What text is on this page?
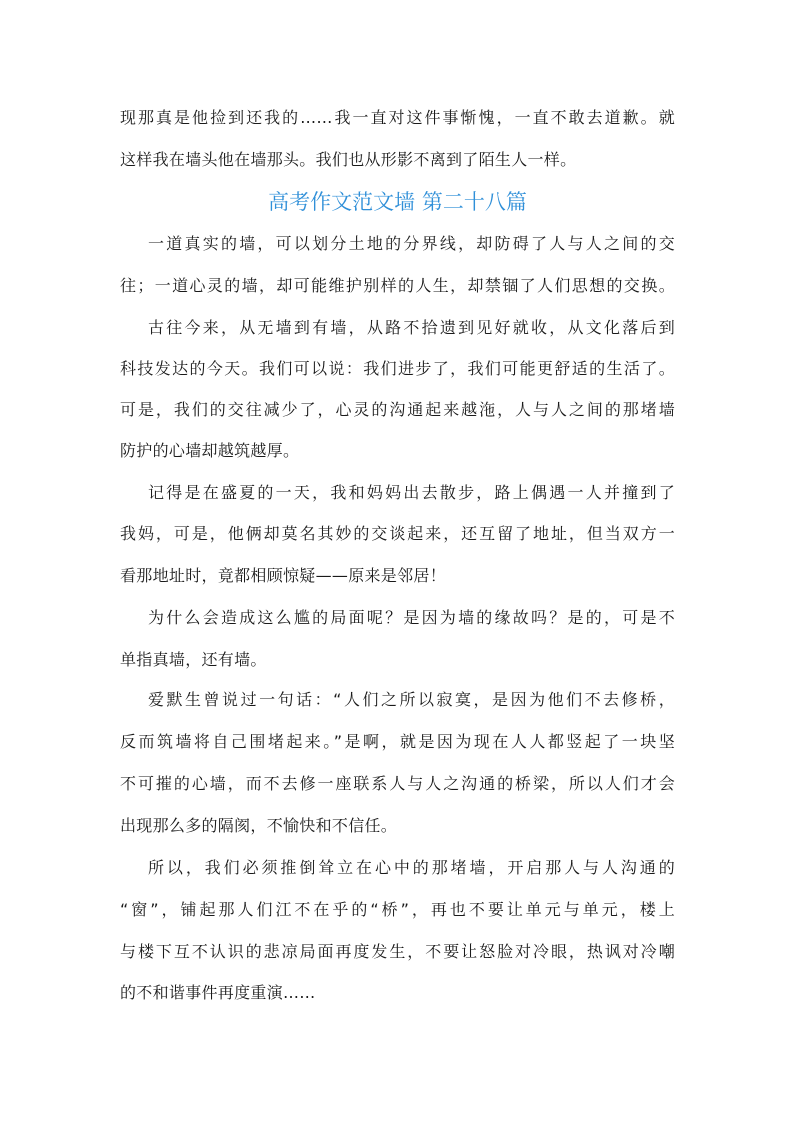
现那真是他捡到还我的……我一直对这件事惭愧，一直不敢去道歉。就
这样我在墙头他在墙那头。我们也从形影不离到了陌生人一样。
高考作文范文墙 第二十八篇
一道真实的墙，可以划分土地的分界线，却防碍了人与人之间的交
往；一道心灵的墙，却可能维护别样的人生，却禁锢了人们思想的交换。
古往今来，从无墙到有墙，从路不拾遗到见好就收，从文化落后到
科技发达的今天。我们可以说：我们进步了，我们可能更舒适的生活了。
可是，我们的交往减少了，心灵的沟通起来越沲，人与人之间的那堵墙
防护的心墙却越筑越厚。
记得是在盛夏的一天，我和妈妈出去散步，路上偶遇一人并撞到了
我妈，可是，他俩却莫名其妙的交谈起来，还互留了地址，但当双方一
看那地址时，竟都相顾惊疑——原来是邻居！
为什么会造成这么尴的局面呢？是因为墙的缘故吗？是的，可是不
单指真墙，还有墙。
爱默生曾说过一句话：“人们之所以寂寞，是因为他们不去修桥，
反而筑墙将自己围堵起来。”是啊，就是因为现在人人都竖起了一块坚
不可摧的心墙，而不去修一座联系人与人之沟通的桥梁，所以人们才会
出现那么多的隔阂，不愉快和不信任。
所以，我们必须推倒耸立在心中的那堵墙，开启那人与人沟通的
“窗”，铺起那人们江不在乎的“桥”，再也不要让单元与单元，楼上
与楼下互不认识的悲凉局面再度发生，不要让怒脸对冷眼，热讽对冷嘲
的不和谐事件再度重演……
